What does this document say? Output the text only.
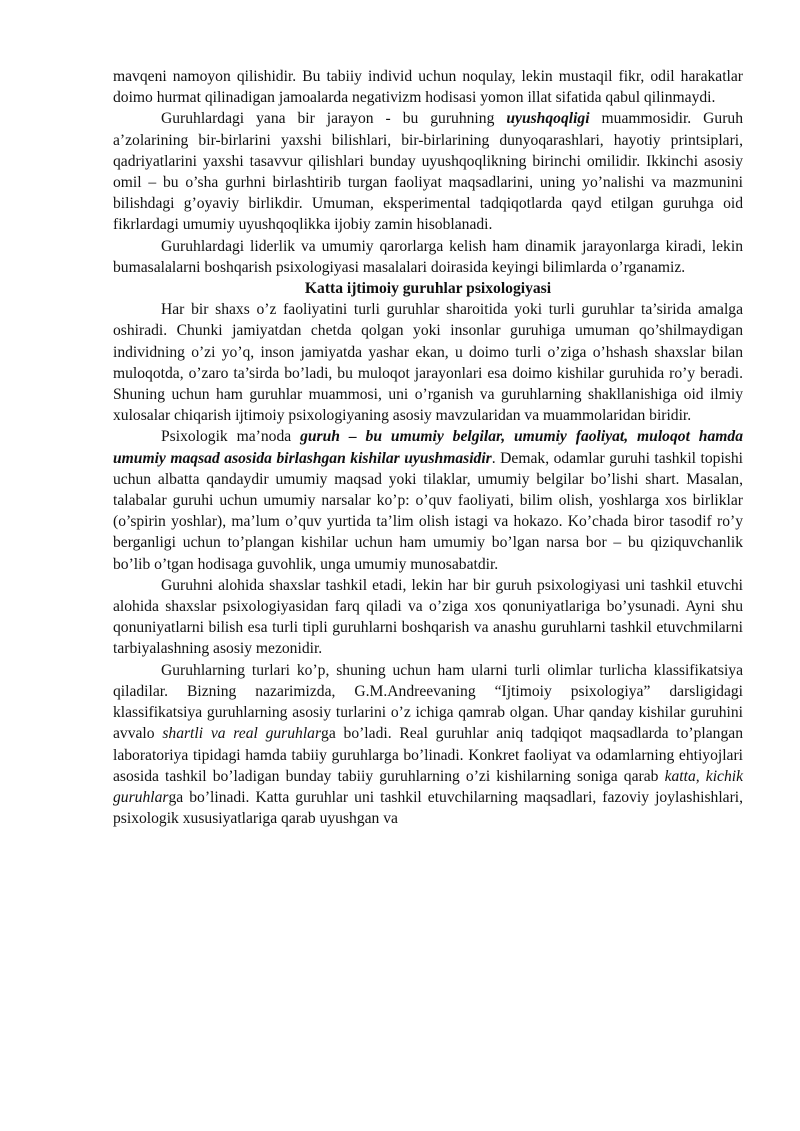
mavqeni namoyon qilishidir. Bu tabiiy individ uchun noqulay, lekin mustaqil fikr, odil harakatlar doimo hurmat qilinadigan jamoalarda negativizm hodisasi yomon illat sifatida qabul qilinmaydi.

Guruhlardagi yana bir jarayon - bu guruhning uyushqoqligi muammosidir. Guruh a’zolarining bir-birlarini yaxshi bilishlari, bir-birlarining dunyoqarashlari, hayotiy printsiplari, qadriyatlarini yaxshi tasavvur qilishlari bunday uyushqoqlikning birinchi omilidir. Ikkinchi asosiy omil – bu o’sha gurhni birlashtirib turgan faoliyat maqsadlarini, uning yo’nalishi va mazmunini bilishdagi g’oyaviy birlikdir. Umuman, eksperimental tadqiqotlarda qayd etilgan guruhga oid fikrlardagi umumiy uyushqoqlikka ijobiy zamin hisoblanadi.

Guruhlardagi liderlik va umumiy qarorlarga kelish ham dinamik jarayonlarga kiradi, lekin bumasalalarni boshqarish psixologiyasi masalalari doirasida keyingi bilimlarda o’rganamiz.

Katta ijtimoiy guruhlar psixologiyasi

Har bir shaxs o’z faoliyatini turli guruhlar sharoitida yoki turli guruhlar ta’sirida amalga oshiradi. Chunki jamiyatdan chetda qolgan yoki insonlar guruhiga umuman qo’shilmaydigan individning o’zi yo’q, inson jamiyatda yashar ekan, u doimo turli o’ziga o’hshash shaxslar bilan muloqotda, o’zaro ta’sirda bo’ladi, bu muloqot jarayonlari esa doimo kishilar guruhida ro’y beradi. Shuning uchun ham guruhlar muammosi, uni o’rganish va guruhlarning shakllanishiga oid ilmiy xulosalar chiqarish ijtimoiy psixologiyaning asosiy mavzularidan va muammolaridan biridir.

Psixologik ma’noda guruh – bu umumiy belgilar, umumiy faoliyat, muloqot hamda umumiy maqsad asosida birlashgan kishilar uyushmasidir. Demak, odamlar guruhi tashkil topishi uchun albatta qandaydir umumiy maqsad yoki tilaklar, umumiy belgilar bo’lishi shart. Masalan, talabalar guruhi uchun umumiy narsalar ko’p: o’quv faoliyati, bilim olish, yoshlarga xos birliklar (o’spirin yoshlar), ma’lum o’quv yurtida ta’lim olish istagi va hokazo. Ko’chada biror tasodif ro’y berganligi uchun to’plangan kishilar uchun ham umumiy bo’lgan narsa bor – bu qiziquvchanlik bo’lib o’tgan hodisaga guvohlik, unga umumiy munosabatdir.

Guruhni alohida shaxslar tashkil etadi, lekin har bir guruh psixologiyasi uni tashkil etuvchi alohida shaxslar psixologiyasidan farq qiladi va o’ziga xos qonuniyatlariga bo’ysunadi. Ayni shu qonuniyatlarni bilish esa turli tipli guruhlarni boshqarish va anashu guruhlarni tashkil etuvchmilarni tarbiyalashning asosiy mezonidir.

Guruhlarning turlari ko’p, shuning uchun ham ularni turli olimlar turlicha klassifikatsiya qiladilar. Bizning nazarimizda, G.M.Andreevaning “Ijtimoiy psixologiya” darsligidagi klassifikatsiya guruhlarning asosiy turlarini o’z ichiga qamrab olgan. Uhar qanday kishilar guruhini avvalo shartli va real guruhlarga bo’ladi. Real guruhlar aniq tadqiqot maqsadlarda to’plangan laboratoriya tipidagi hamda tabiiy guruhlarga bo’linadi. Konkret faoliyat va odamlarning ehtiyojlari asosida tashkil bo’ladigan bunday tabiiy guruhlarning o’zi kishilarning soniga qarab katta, kichik guruhlarga bo’linadi. Katta guruhlar uni tashkil etuvchilarning maqsadlari, fazoviy joylashishlari, psixologik xususiyatlariga qarab uyushgan va
